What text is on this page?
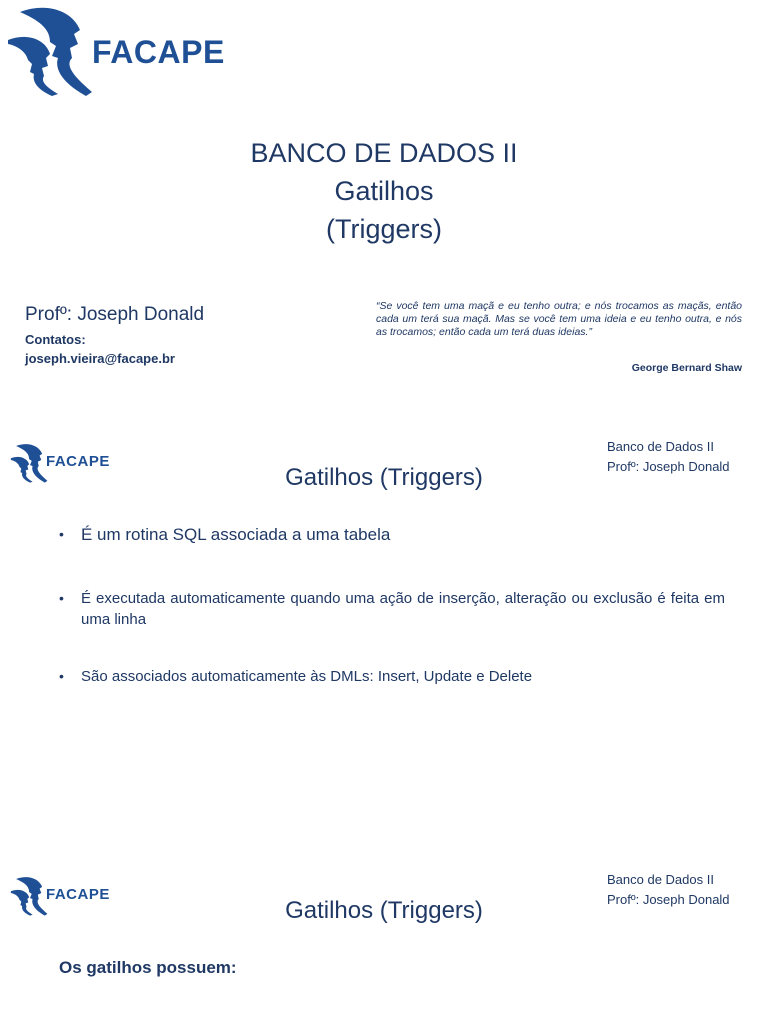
FACAPE
BANCO DE DADOS II
Gatilhos
(Triggers)
Profº: Joseph Donald
Contatos:
joseph.vieira@facape.br
“Se você tem uma maçã e eu tenho outra; e nós trocamos as maçãs, então cada um terá sua maçã. Mas se você tem uma ideia e eu tenho outra, e nós as trocamos; então cada um terá duas ideias.”
George Bernard Shaw
FACAPE
Banco de Dados II
Profº: Joseph Donald
Gatilhos (Triggers)
• É um rotina SQL associada a uma tabela
• É executada automaticamente quando uma ação de inserção, alteração ou exclusão é feita em uma linha
• São associados automaticamente às DMLs: Insert, Update e Delete
FACAPE
Banco de Dados II
Profº: Joseph Donald
Gatilhos (Triggers)
Os gatilhos possuem:
